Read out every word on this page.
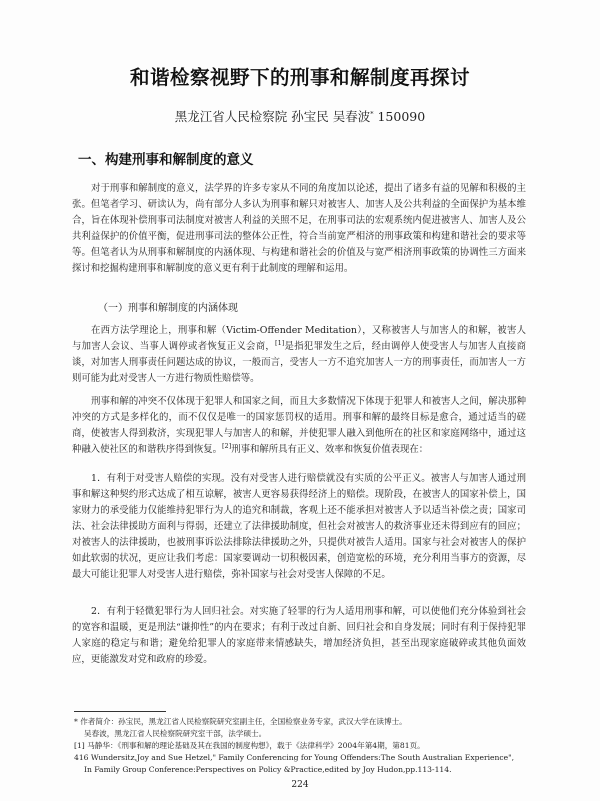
和谐检察视野下的刑事和解制度再探讨
黑龙江省人民检察院 孙宝民 吴春波* 150090
一、构建刑事和解制度的意义

对于刑事和解制度的意义，法学界的许多专家从不同的角度加以论述，提出了诸多有益的见解和积极的主张。但笔者学习、研读认为，尚有部分人多认为刑事和解只对被害人、加害人及公共利益的全面保护为基本维合，旨在体现补偿刑事司法制度对被害人利益的关照不足，在刑事司法的宏观系统内促进被害人、加害人及公共利益保护的价值平衡，促进刑事司法的整体公正性，符合当前宽严相济的刑事政策和构建和谐社会的要求等等。但笔者认为从刑事和解制度的内涵体现、与构建和谐社会的价值及与宽严相济刑事政策的协调性三方面来探讨和挖掘构建刑事和解制度的意义更有利于此制度的理解和运用。

（一）刑事和解制度的内涵体现

在西方法学理论上，刑事和解（Victim-Offender Meditation），又称被害人与加害人的和解，被害人与加害人会议、当事人调停或者恢复正义会商，[1]是指犯罪发生之后，经由调停人使受害人与加害人直接商谈，对加害人刑事责任问题达成的协议，一般而言，受害人一方不追究加害人一方的刑事责任，而加害人一方则可能为此对受害人一方进行物质性赔偿等。

刑事和解的冲突不仅体现于犯罪人和国家之间，而且大多数情况下体现于犯罪人和被害人之间，解决那种冲突的方式是多样化的，而不仅仅是唯一的国家惩罚权的适用。刑事和解的最终目标是愈合，通过适当的磋商，使被害人得到救济，实现犯罪人与加害人的和解，并使犯罪人融入到他所在的社区和家庭网络中，通过这种融入使社区的和谐秩序得到恢复。[2]刑事和解所具有正义、效率和恢复价值表现在：

1．有利于对受害人赔偿的实现。没有对受害人进行赔偿就没有实质的公平正义。被害人与加害人通过刑事和解这种契约形式达成了相互谅解，被害人更容易获得经济上的赔偿。现阶段，在被害人的国家补偿上，国家财力的承受能力仅能维持犯罪行为人的追究和制裁，客观上还不能承担对被害人予以适当补偿之责；国家司法、社会法律援助方面利与得弱，还建立了法律援助制度，但社会对被害人的救济事业还未得到应有的回应；对被害人的法律援助，也被刑事诉讼法排除法律援助之外，只提供对被告人适用。国家与社会对被害人的保护如此软弱的状况，更应让我们考虑：国家要调动一切积极因素，创造宽松的环境，充分利用当事方的资源，尽最大可能让犯罪人对受害人进行赔偿，弥补国家与社会对受害人保障的不足。

2．有利于轻微犯罪行为人回归社会。对实施了轻罪的行为人适用刑事和解，可以使他们充分体验到社会的宽容和温暖，更是刑法“谦抑性”的内在要求；有利于改过自新、回归社会和自身发展；同时有利于保持犯罪人家庭的稳定与和谐；避免给犯罪人的家庭带来情感缺失，增加经济负担，甚至出现家庭破碎或其他负面效应，更能激发对党和政府的珍爱。

* 作者简介：孙宝民，黑龙江省人民检察院研究室副主任，全国检察业务专家，武汉大学在读博士。
吴春波，黑龙江省人民检察院研究室干部，法学硕士。

[1] 马静华：《刑事和解的理论基础及其在我国的制度构想》，载于《法律科学》2004年第4期，第81页。

416 Wundersitz,Joy and Sue Hetzel," Family Conferencing for Young Offenders:The South Australian Experience",
In Family Group Conference:Perspectives on Policy &Practice,edited by Joy Hudon,pp.113-114.

224
